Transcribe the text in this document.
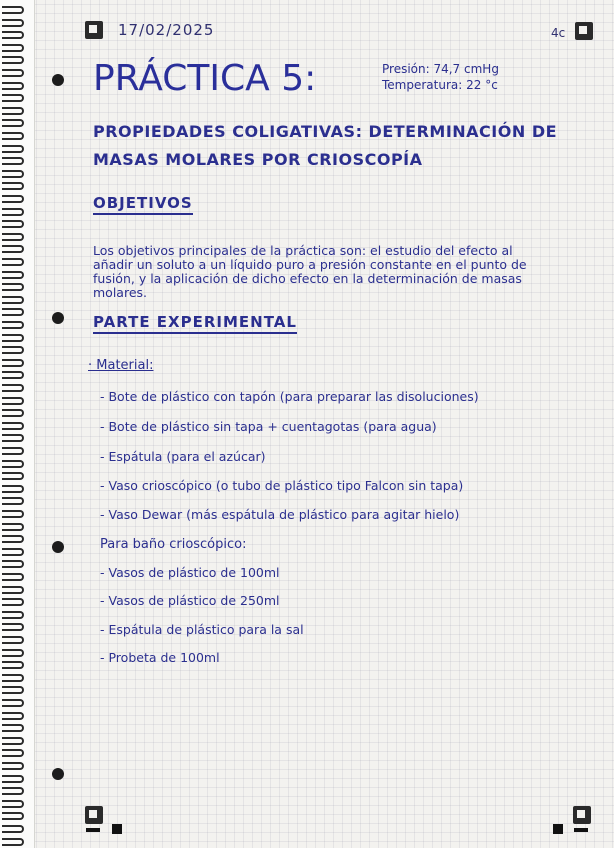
17/02/2025	4c
PRÁCTICA 5:	Presión: 74,7 cmHg
Temperatura: 22 °c
PROPIEDADES COLIGATIVAS: DETERMINACIÓN DE
MASAS MOLARES POR CRIOSCOPÍA
OBJETIVOS
Los objetivos principales de la práctica son: el estudio del efecto al añadir un soluto a un líquido puro a presión constante en el punto de fusión, y la aplicación de dicho efecto en la determinación de masas molares.
PARTE EXPERIMENTAL
· Material:
- Bote de plástico con tapón (para preparar las disoluciones)
- Bote de plástico sin tapa + cuentagotas (para agua)
- Espátula (para el azúcar)
- Vaso crioscópico (o tubo de plástico tipo Falcon sin tapa)
- Vaso Dewar (más espátula de plástico para agitar hielo)
Para baño crioscópico:
- Vasos de plástico de 100ml
- Vasos de plástico de 250ml
- Espátula de plástico para la sal
- Probeta de 100ml
